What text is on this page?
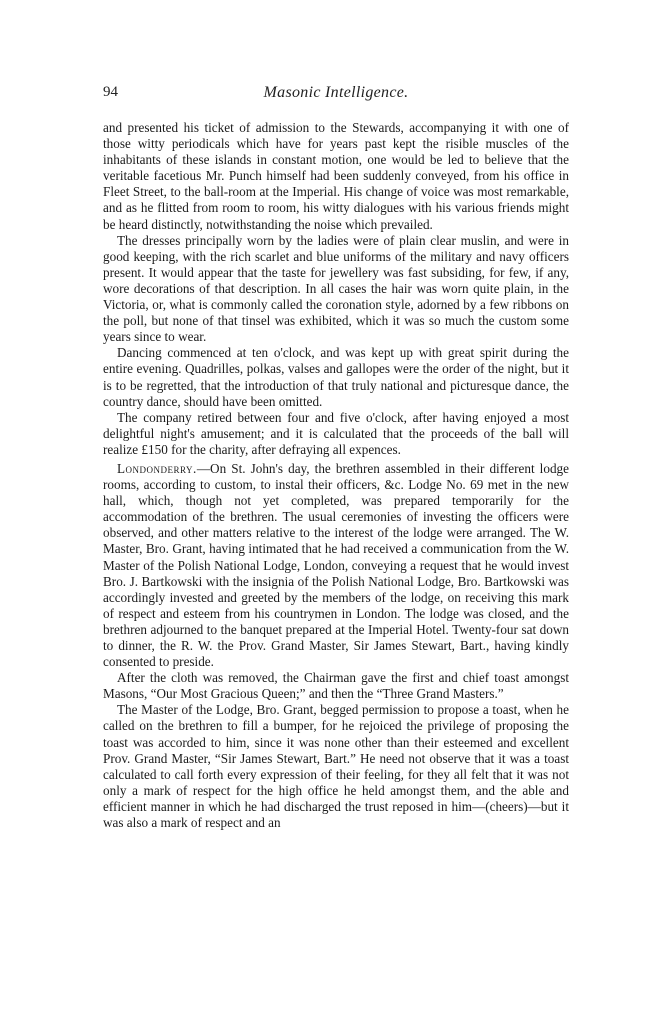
94	Masonic Intelligence.

and presented his ticket of admission to the Stewards, accompanying it with one of those witty periodicals which have for years past kept the risible muscles of the inhabitants of these islands in constant motion, one would be led to believe that the veritable facetious Mr. Punch himself had been suddenly conveyed, from his office in Fleet Street, to the ball-room at the Imperial. His change of voice was most remarkable, and as he flitted from room to room, his witty dialogues with his various friends might be heard distinctly, notwithstanding the noise which prevailed.

The dresses principally worn by the ladies were of plain clear muslin, and were in good keeping, with the rich scarlet and blue uniforms of the military and navy officers present. It would appear that the taste for jewellery was fast subsiding, for few, if any, wore decorations of that description. In all cases the hair was worn quite plain, in the Victoria, or, what is commonly called the coronation style, adorned by a few ribbons on the poll, but none of that tinsel was exhibited, which it was so much the custom some years since to wear.

Dancing commenced at ten o'clock, and was kept up with great spirit during the entire evening. Quadrilles, polkas, valses and gallopes were the order of the night, but it is to be regretted, that the introduction of that truly national and picturesque dance, the country dance, should have been omitted.

The company retired between four and five o'clock, after having enjoyed a most delightful night's amusement; and it is calculated that the proceeds of the ball will realize £150 for the charity, after defraying all expences.

Londonderry.—On St. John's day, the brethren assembled in their different lodge rooms, according to custom, to instal their officers, &c. Lodge No. 69 met in the new hall, which, though not yet completed, was prepared temporarily for the accommodation of the brethren. The usual ceremonies of investing the officers were observed, and other matters relative to the interest of the lodge were arranged. The W. Master, Bro. Grant, having intimated that he had received a communication from the W. Master of the Polish National Lodge, London, conveying a request that he would invest Bro. J. Bartkowski with the insignia of the Polish National Lodge, Bro. Bartkowski was accordingly invested and greeted by the members of the lodge, on receiving this mark of respect and esteem from his countrymen in London. The lodge was closed, and the brethren adjourned to the banquet prepared at the Imperial Hotel. Twenty-four sat down to dinner, the R. W. the Prov. Grand Master, Sir James Stewart, Bart., having kindly consented to preside.

After the cloth was removed, the Chairman gave the first and chief toast amongst Masons, “Our Most Gracious Queen;” and then the “Three Grand Masters.”

The Master of the Lodge, Bro. Grant, begged permission to propose a toast, when he called on the brethren to fill a bumper, for he rejoiced the privilege of proposing the toast was accorded to him, since it was none other than their esteemed and excellent Prov. Grand Master, “Sir James Stewart, Bart.” He need not observe that it was a toast calculated to call forth every expression of their feeling, for they all felt that it was not only a mark of respect for the high office he held amongst them, and the able and efficient manner in which he had discharged the trust reposed in him—(cheers)—but it was also a mark of respect and an
